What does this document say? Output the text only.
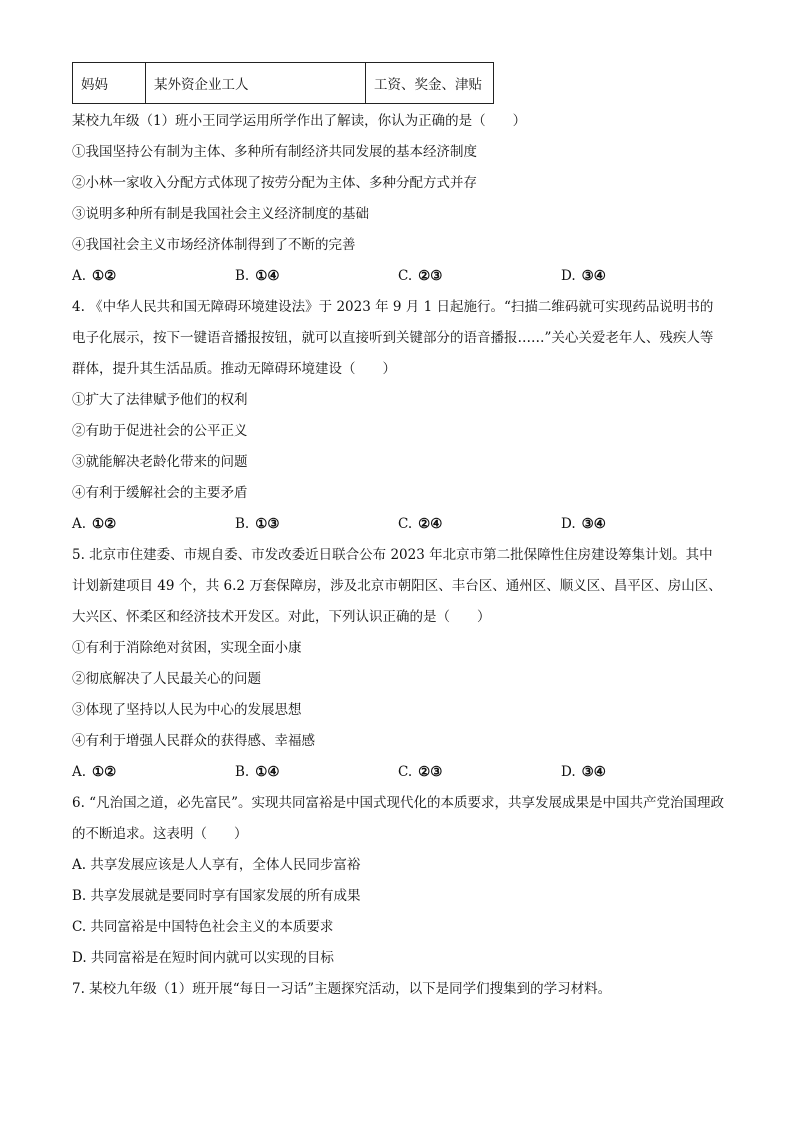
妈妈	某外资企业工人	工资、奖金、津贴
某校九年级（1）班小王同学运用所学作出了解读，你认为正确的是（　　）
①我国坚持公有制为主体、多种所有制经济共同发展的基本经济制度
②小林一家收入分配方式体现了按劳分配为主体、多种分配方式并存
③说明多种所有制是我国社会主义经济制度的基础
④我国社会主义市场经济体制得到了不断的完善
A. ①②	B. ①④	C. ②③	D. ③④
4. 《中华人民共和国无障碍环境建设法》于 2023 年 9 月 1 日起施行。“扫描二维码就可实现药品说明书的电子化展示，按下一键语音播报按钮，就可以直接听到关键部分的语音播报……”关心关爱老年人、残疾人等群体，提升其生活品质。推动无障碍环境建设（　　）
①扩大了法律赋予他们的权利
②有助于促进社会的公平正义
③就能解决老龄化带来的问题
④有利于缓解社会的主要矛盾
A. ①②	B. ①③	C. ②④	D. ③④
5. 北京市住建委、市规自委、市发改委近日联合公布 2023 年北京市第二批保障性住房建设筹集计划。其中计划新建项目 49 个，共 6.2 万套保障房，涉及北京市朝阳区、丰台区、通州区、顺义区、昌平区、房山区、大兴区、怀柔区和经济技术开发区。对此，下列认识正确的是（　　）
①有利于消除绝对贫困，实现全面小康
②彻底解决了人民最关心的问题
③体现了坚持以人民为中心的发展思想
④有利于增强人民群众的获得感、幸福感
A. ①②	B. ①④	C. ②③	D. ③④
6. “凡治国之道，必先富民”。实现共同富裕是中国式现代化的本质要求，共享发展成果是中国共产党治国理政的不断追求。这表明（　　）
A. 共享发展应该是人人享有，全体人民同步富裕
B. 共享发展就是要同时享有国家发展的所有成果
C. 共同富裕是中国特色社会主义的本质要求
D. 共同富裕是在短时间内就可以实现的目标
7. 某校九年级（1）班开展“每日一习话”主题探究活动，以下是同学们搜集到的学习材料。
